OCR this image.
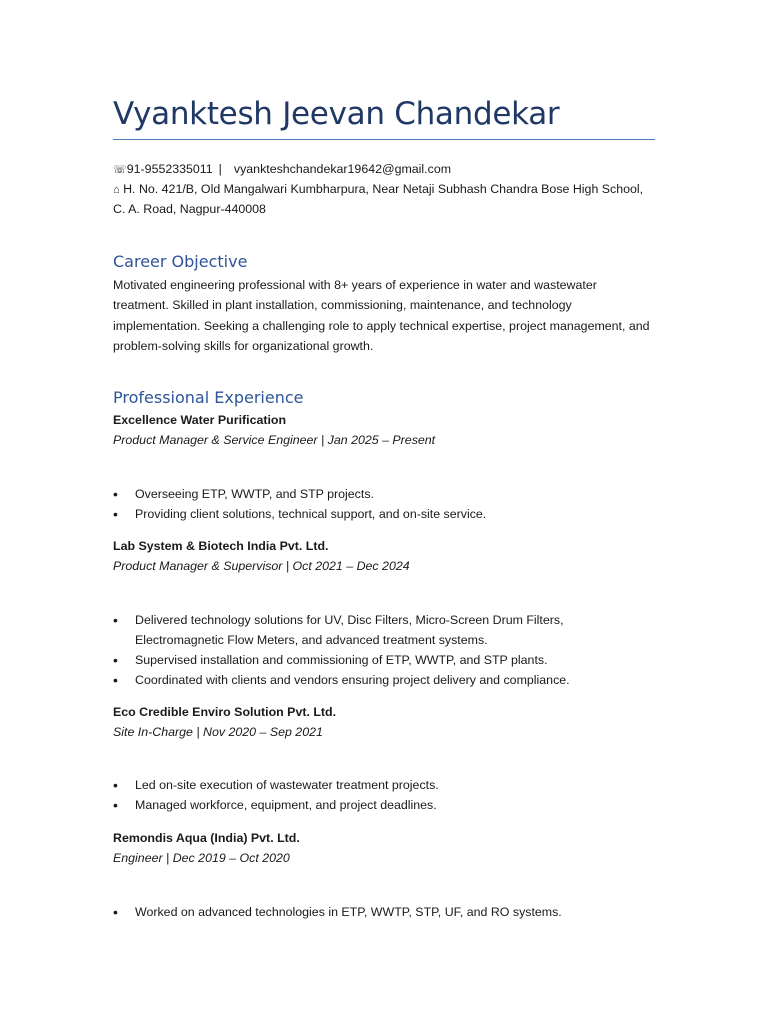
Vyanktesh Jeevan Chandekar
☏91-9552335011 | vyankteshchandekar19642@gmail.com
⌂ H. No. 421/B, Old Mangalwari Kumbharpura, Near Netaji Subhash Chandra Bose High School,
C. A. Road, Nagpur-440008
Career Objective
Motivated engineering professional with 8+ years of experience in water and wastewater treatment. Skilled in plant installation, commissioning, maintenance, and technology implementation. Seeking a challenging role to apply technical expertise, project management, and problem-solving skills for organizational growth.
Professional Experience
Excellence Water Purification
Product Manager & Service Engineer | Jan 2025 – Present
• Overseeing ETP, WWTP, and STP projects.
• Providing client solutions, technical support, and on-site service.
Lab System & Biotech India Pvt. Ltd.
Product Manager & Supervisor | Oct 2021 – Dec 2024
• Delivered technology solutions for UV, Disc Filters, Micro-Screen Drum Filters, Electromagnetic Flow Meters, and advanced treatment systems.
• Supervised installation and commissioning of ETP, WWTP, and STP plants.
• Coordinated with clients and vendors ensuring project delivery and compliance.
Eco Credible Enviro Solution Pvt. Ltd.
Site In-Charge | Nov 2020 – Sep 2021
• Led on-site execution of wastewater treatment projects.
• Managed workforce, equipment, and project deadlines.
Remondis Aqua (India) Pvt. Ltd.
Engineer | Dec 2019 – Oct 2020
• Worked on advanced technologies in ETP, WWTP, STP, UF, and RO systems.
